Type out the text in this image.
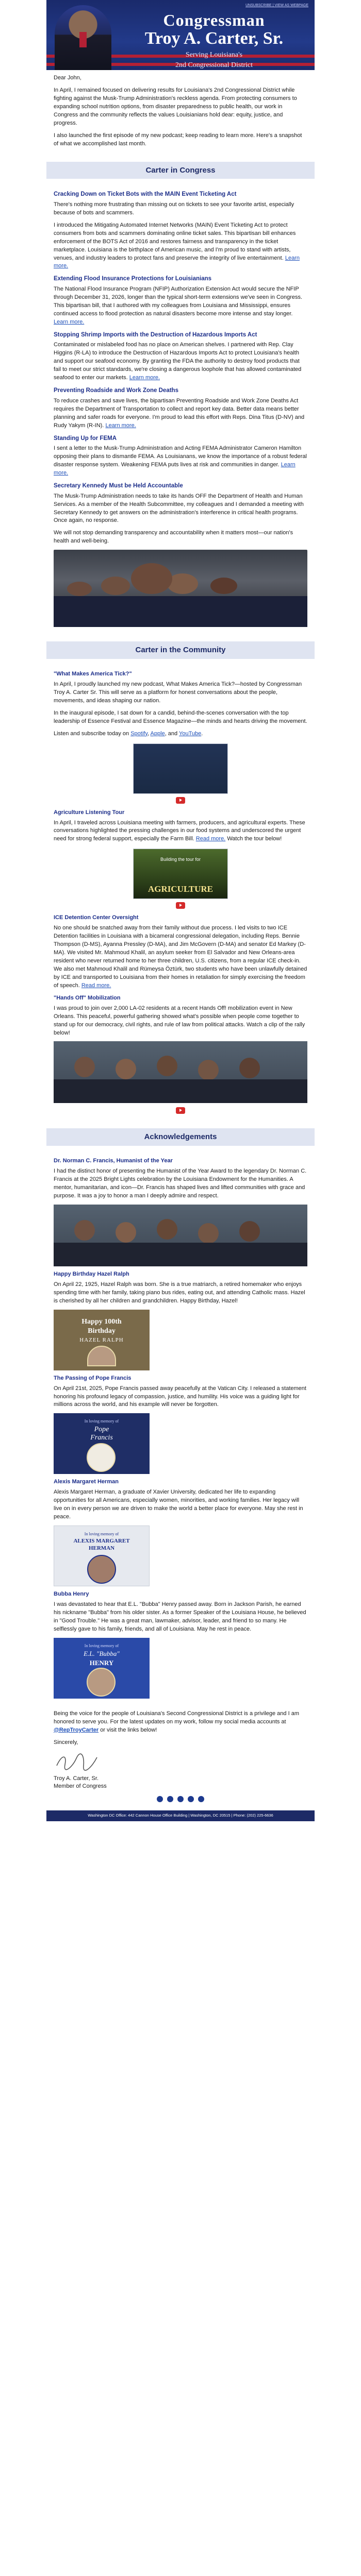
UNSUBSCRIBE | VIEW AS WEBPAGE
Congressman
Troy A. Carter, Sr.
Serving Louisiana's
2nd Congressional District

Dear John,

In April, I remained focused on delivering results for Louisiana's 2nd Congressional District while fighting against the Musk-Trump Administration's reckless agenda. From protecting consumers to expanding school nutrition options, from disaster preparedness to public health, our work in Congress and the community reflects the values Louisianians hold dear: equity, justice, and progress.

I also launched the first episode of my new podcast; keep reading to learn more. Here's a snapshot of what we accomplished last month.

Carter in Congress
Cracking Down on Ticket Bots with the MAIN Event Ticketing Act

There's nothing more frustrating than missing out on tickets to see your favorite artist, especially because of bots and scammers.

I introduced the Mitigating Automated Internet Networks (MAIN) Event Ticketing Act to protect consumers from bots and scammers dominating online ticket sales. This bipartisan bill enhances enforcement of the BOTS Act of 2016 and restores fairness and transparency in the ticket marketplace. Louisiana is the birthplace of American music, and I'm proud to stand with artists, venues, and industry leaders to protect fans and preserve the integrity of live entertainment. Learn more.

Extending Flood Insurance Protections for Louisianians

The National Flood Insurance Program (NFIP) Authorization Extension Act would secure the NFIP through December 31, 2026, longer than the typical short-term extensions we've seen in Congress. This bipartisan bill, that I authored with my colleagues from Louisiana and Mississippi, ensures continued access to flood protection as natural disasters become more intense and stay longer. Learn more.

Stopping Shrimp Imports with the Destruction of Hazardous Imports Act

Contaminated or mislabeled food has no place on American shelves. I partnered with Rep. Clay Higgins (R-LA) to introduce the Destruction of Hazardous Imports Act to protect Louisiana's health and support our seafood economy. By granting the FDA the authority to destroy food products that fail to meet our strict standards, we're closing a dangerous loophole that has allowed contaminated seafood to enter our markets. Learn more.

Preventing Roadside and Work Zone Deaths

To reduce crashes and save lives, the bipartisan Preventing Roadside and Work Zone Deaths Act requires the Department of Transportation to collect and report key data. Better data means better planning and safer roads for everyone. I'm proud to lead this effort with Reps. Dina Titus (D-NV) and Rudy Yakym (R-IN). Learn more.

Standing Up for FEMA

I sent a letter to the Musk-Trump Administration and Acting FEMA Administrator Cameron Hamilton opposing their plans to dismantle FEMA. As Louisianans, we know the importance of a robust federal disaster response system. Weakening FEMA puts lives at risk and communities in danger. Learn more.

Secretary Kennedy Must be Held Accountable

The Musk-Trump Administration needs to take its hands OFF the Department of Health and Human Services. As a member of the Health Subcommittee, my colleagues and I demanded a meeting with Secretary Kennedy to get answers on the administration's interference in critical health programs. Once again, no response.

We will not stop demanding transparency and accountability when it matters most—our nation's health and well-being.

Carter in the Community
"What Makes America Tick?"

In April, I proudly launched my new podcast, What Makes America Tick?—hosted by Congressman Troy A. Carter Sr. This will serve as a platform for honest conversations about the people, movements, and ideas shaping our nation.

In the inaugural episode, I sat down for a candid, behind-the-scenes conversation with the top leadership of Essence Festival and Essence Magazine—the minds and hearts driving the movement.

Listen and subscribe today on Spotify, Apple, and YouTube.

Agriculture Listening Tour

In April, I traveled across Louisiana meeting with farmers, producers, and agricultural experts. These conversations highlighted the pressing challenges in our food systems and underscored the urgent need for strong federal support, especially the Farm Bill. Read more. Watch the tour below!

Building the tour for
AGRICULTURE
ICE Detention Center Oversight

No one should be snatched away from their family without due process. I led visits to two ICE Detention facilities in Louisiana with a bicameral congressional delegation, including Reps. Bennie Thompson (D-MS), Ayanna Pressley (D-MA), and Jim McGovern (D-MA) and senator Ed Markey (D-MA). We visited Mr. Mahmoud Khalil, an asylum seeker from El Salvador and New Orleans-area resident who never returned home to her three children, U.S. citizens, from a regular ICE check-in. We also met Mahmoud Khalil and Rümeysa Öztürk, two students who have been unlawfully detained by ICE and transported to Louisiana from their homes in retaliation for simply exercising the freedom of speech. Read more.

"Hands Off" Mobilization

I was proud to join over 2,000 LA-02 residents at a recent Hands Off! mobilization event in New Orleans. This peaceful, powerful gathering showed what's possible when people come together to stand up for our democracy, civil rights, and rule of law from political attacks. Watch a clip of the rally below!

Acknowledgements
Dr. Norman C. Francis, Humanist of the Year

I had the distinct honor of presenting the Humanist of the Year Award to the legendary Dr. Norman C. Francis at the 2025 Bright Lights celebration by the Louisiana Endowment for the Humanities. A mentor, humanitarian, and icon—Dr. Francis has shaped lives and lifted communities with grace and purpose. It was a joy to honor a man I deeply admire and respect.

Happy Birthday Hazel Ralph

On April 22, 1925, Hazel Ralph was born. She is a true matriarch, a retired homemaker who enjoys spending time with her family, taking piano bus rides, eating out, and attending Catholic mass. Hazel is cherished by all her children and grandchildren. Happy Birthday, Hazel!

Happy 100th
Birthday
HAZEL RALPH
The Passing of Pope Francis

On April 21st, 2025, Pope Francis passed away peacefully at the Vatican City. I released a statement honoring his profound legacy of compassion, justice, and humility. His voice was a guiding light for millions across the world, and his example will never be forgotten.

In loving memory of
Pope
Francis
Alexis Margaret Herman

Alexis Margaret Herman, a graduate of Xavier University, dedicated her life to expanding opportunities for all Americans, especially women, minorities, and working families. Her legacy will live on in every person we are driven to make the world a better place for everyone. May she rest in peace.

In loving memory of
ALEXIS MARGARET
HERMAN
Bubba Henry

I was devastated to hear that E.L. "Bubba" Henry passed away. Born in Jackson Parish, he earned his nickname "Bubba" from his older sister. As a former Speaker of the Louisiana House, he believed in "Good Trouble." He was a great man, lawmaker, advisor, leader, and friend to so many. He selflessly gave to his family, friends, and all of Louisiana. May he rest in peace.

In loving memory of
E.L. "Bubba"
HENRY

Being the voice for the people of Louisiana's Second Congressional District is a privilege and I am honored to serve you. For the latest updates on my work, follow my social media accounts at @RepTroyCarter or visit the links below!

Sincerely,

Troy A. Carter, Sr.

Member of Congress

Washington DC Office: 442 Cannon House Office Building | Washington, DC 20515 | Phone: (202) 225-6636
